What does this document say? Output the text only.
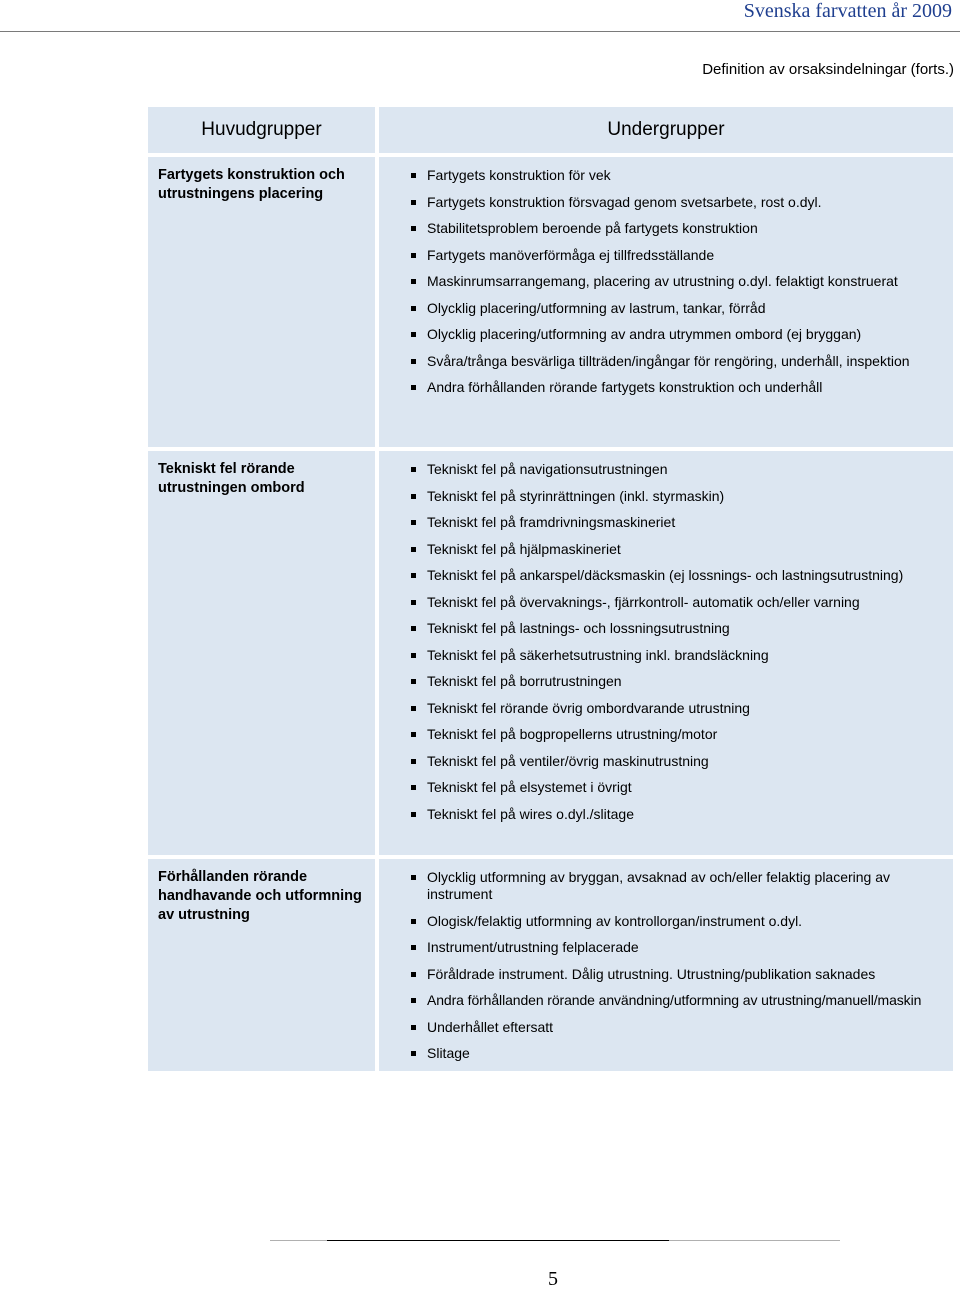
Svenska farvatten år 2009
Definition av orsaksindelningar (forts.)
Huvudgrupper	Undergrupper
Fartygets konstruktion och utrustningens placering
Fartygets konstruktion för vek
Fartygets konstruktion försvagad genom svetsarbete, rost o.dyl.
Stabilitetsproblem beroende på fartygets konstruktion
Fartygets manöverförmåga ej tillfredsställande
Maskinrumsarrangemang, placering av utrustning o.dyl. felaktigt konstruerat
Olycklig placering/utformning av lastrum, tankar, förråd
Olycklig placering/utformning av andra utrymmen ombord (ej bryggan)
Svåra/trånga besvärliga tillträden/ingångar för rengöring, underhåll, inspektion
Andra förhållanden rörande fartygets konstruktion och underhåll
Tekniskt fel rörande utrustningen ombord
Tekniskt fel på navigationsutrustningen
Tekniskt fel på styrinrättningen (inkl. styrmaskin)
Tekniskt fel på framdrivningsmaskineriet
Tekniskt fel på hjälpmaskineriet
Tekniskt fel på ankarspel/däcksmaskin (ej lossnings- och lastningsutrustning)
Tekniskt fel på övervaknings-, fjärrkontroll- automatik och/eller varning
Tekniskt fel på lastnings- och lossningsutrustning
Tekniskt fel på säkerhetsutrustning inkl. brandsläckning
Tekniskt fel på borrutrustningen
Tekniskt fel rörande övrig ombordvarande utrustning
Tekniskt fel på bogpropellerns utrustning/motor
Tekniskt fel på ventiler/övrig maskinutrustning
Tekniskt fel på elsystemet i övrigt
Tekniskt fel på wires o.dyl./slitage
Förhållanden rörande handhavande och utformning av utrustning
Olycklig utformning av bryggan, avsaknad av och/eller felaktig placering av instrument
Ologisk/felaktig utformning av kontrollorgan/instrument o.dyl.
Instrument/utrustning felplacerade
Föråldrade instrument. Dålig utrustning. Utrustning/publikation saknades
Andra förhållanden rörande användning/utformning av utrustning/manuell/maskin
Underhållet eftersatt
Slitage
5
